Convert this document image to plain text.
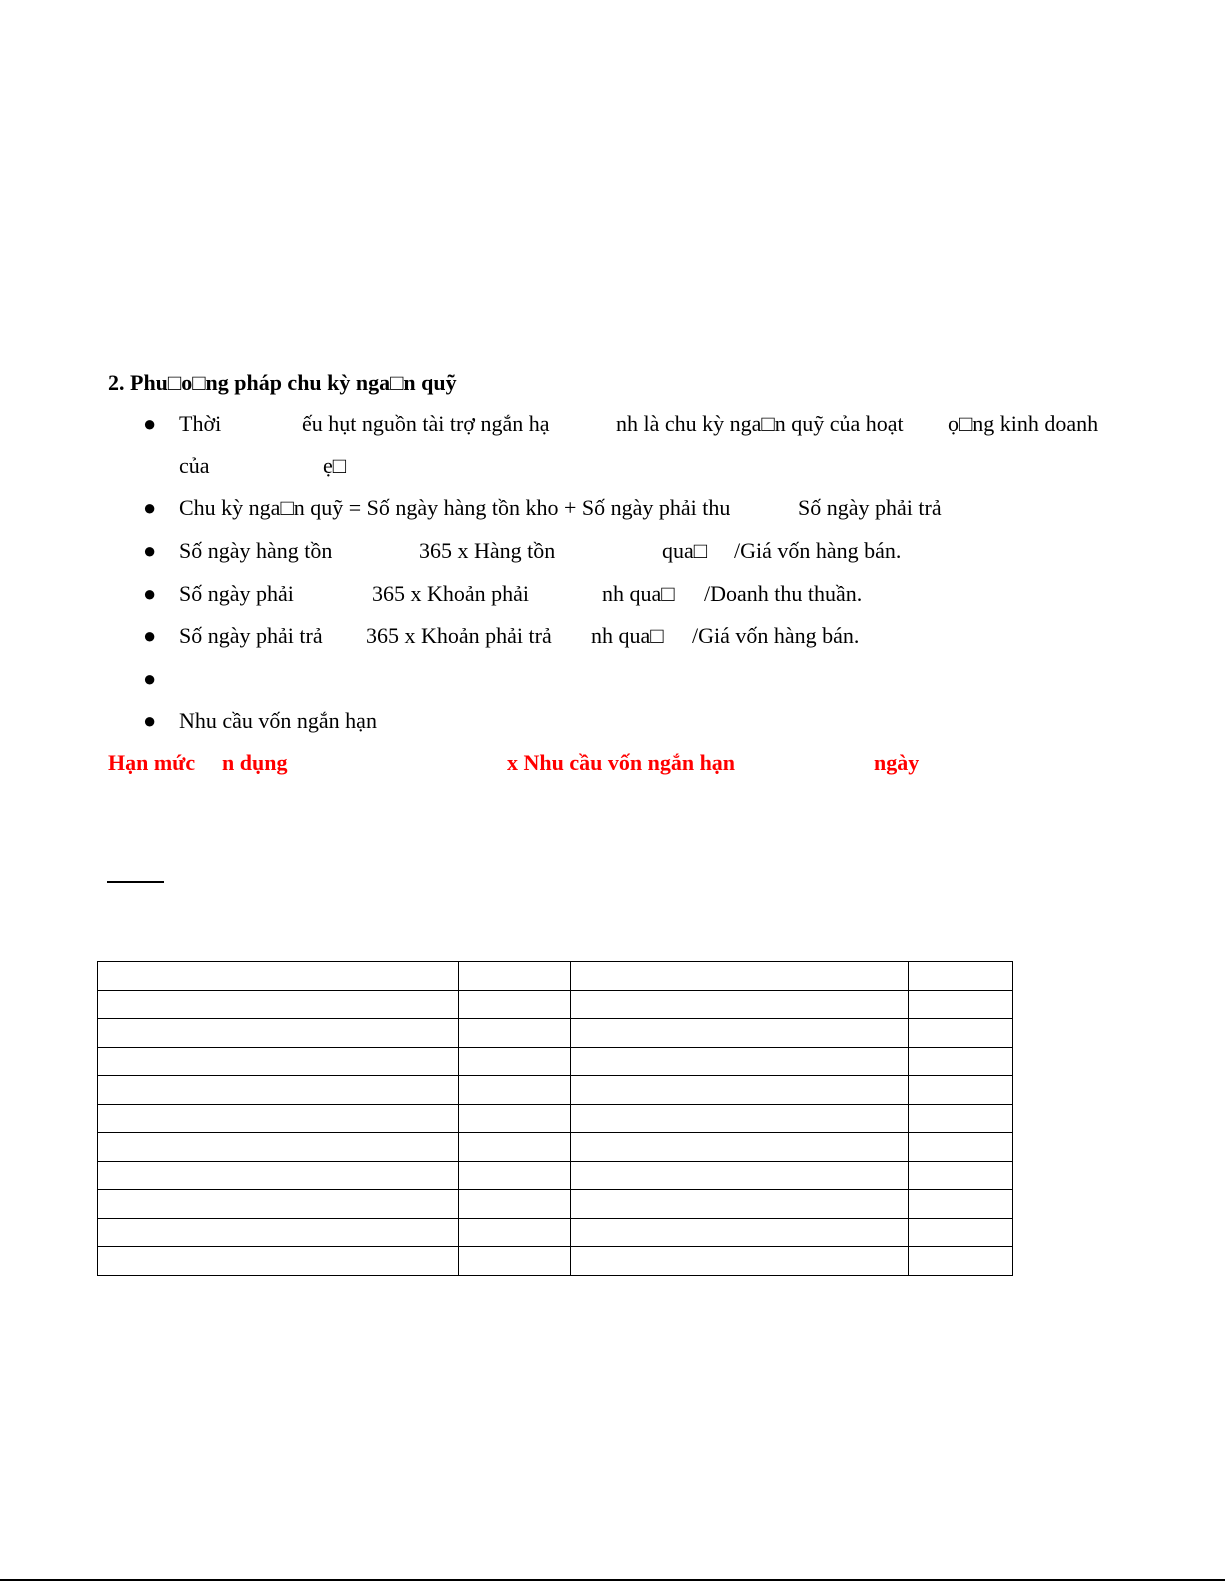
2. Phu□o□ng pháp chu kỳ nga□n quỹ

●

Thời

	ếu hụt nguồn tài trợ ngắn hạ

	nh là chu kỳ nga□n quỹ của hoạt

ọ□ng kinh doanh

của

	ẹ□

●

Chu kỳ nga□n quỹ = Số ngày hàng tồn kho + Số ngày phải thu

	Số ngày phải trả

●

Số ngày hàng tồn

	365 x Hàng tồn

	qua□

/Giá vốn hàng bán.

●

Số ngày phải

	365 x Khoản phải

	nh qua□

/Doanh thu thuần.

●

Số ngày phải trả

365 x Khoản phải trả

nh qua□

/Giá vốn hàng bán.

●

●

Nhu cầu vốn ngắn hạn

Hạn mức n dụng	x Nhu cầu vốn ngắn hạn	ngày
